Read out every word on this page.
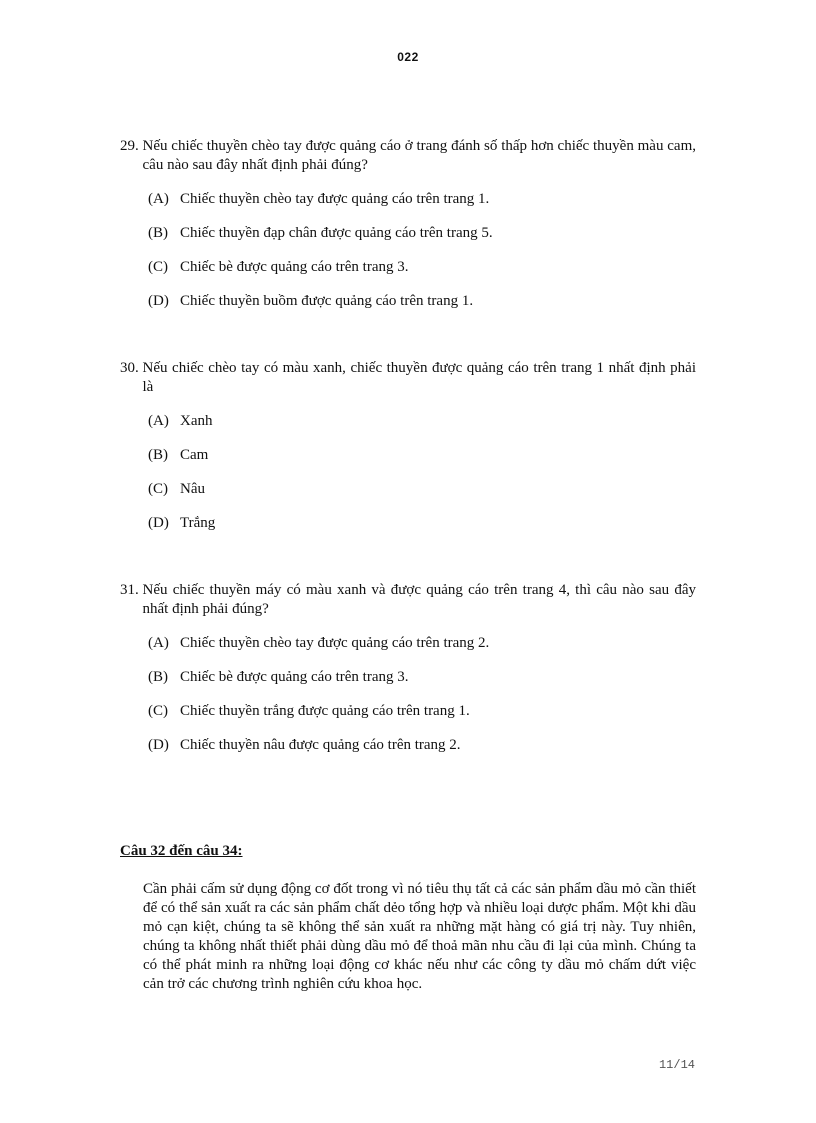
022
29. Nếu chiếc thuyền chèo tay được quảng cáo ở trang đánh số thấp hơn chiếc thuyền màu cam, câu nào sau đây nhất định phải đúng?
(A) Chiếc thuyền chèo tay được quảng cáo trên trang 1.
(B) Chiếc thuyền đạp chân được quảng cáo trên trang 5.
(C) Chiếc bè được quảng cáo trên trang 3.
(D) Chiếc thuyền buồm được quảng cáo trên trang 1.
30. Nếu chiếc chèo tay có màu xanh, chiếc thuyền được quảng cáo trên trang 1 nhất định phải là
(A) Xanh
(B) Cam
(C) Nâu
(D) Trắng
31. Nếu chiếc thuyền máy có màu xanh và được quảng cáo trên trang 4, thì câu nào sau đây nhất định phải đúng?
(A) Chiếc thuyền chèo tay được quảng cáo trên trang 2.
(B) Chiếc bè được quảng cáo trên trang 3.
(C) Chiếc thuyền trắng được quảng cáo trên trang 1.
(D) Chiếc thuyền nâu được quảng cáo trên trang 2.
Câu 32 đến câu 34:
Cần phải cấm sử dụng động cơ đốt trong vì nó tiêu thụ tất cả các sản phẩm dầu mỏ cần thiết để có thể sản xuất ra các sản phẩm chất dẻo tổng hợp và nhiều loại dược phẩm. Một khi dầu mỏ cạn kiệt, chúng ta sẽ không thể sản xuất ra những mặt hàng có giá trị này. Tuy nhiên, chúng ta không nhất thiết phải dùng dầu mỏ để thoả mãn nhu cầu đi lại của mình. Chúng ta có thể phát minh ra những loại động cơ khác nếu như các công ty dầu mỏ chấm dứt việc cản trở các chương trình nghiên cứu khoa học.
11/14
